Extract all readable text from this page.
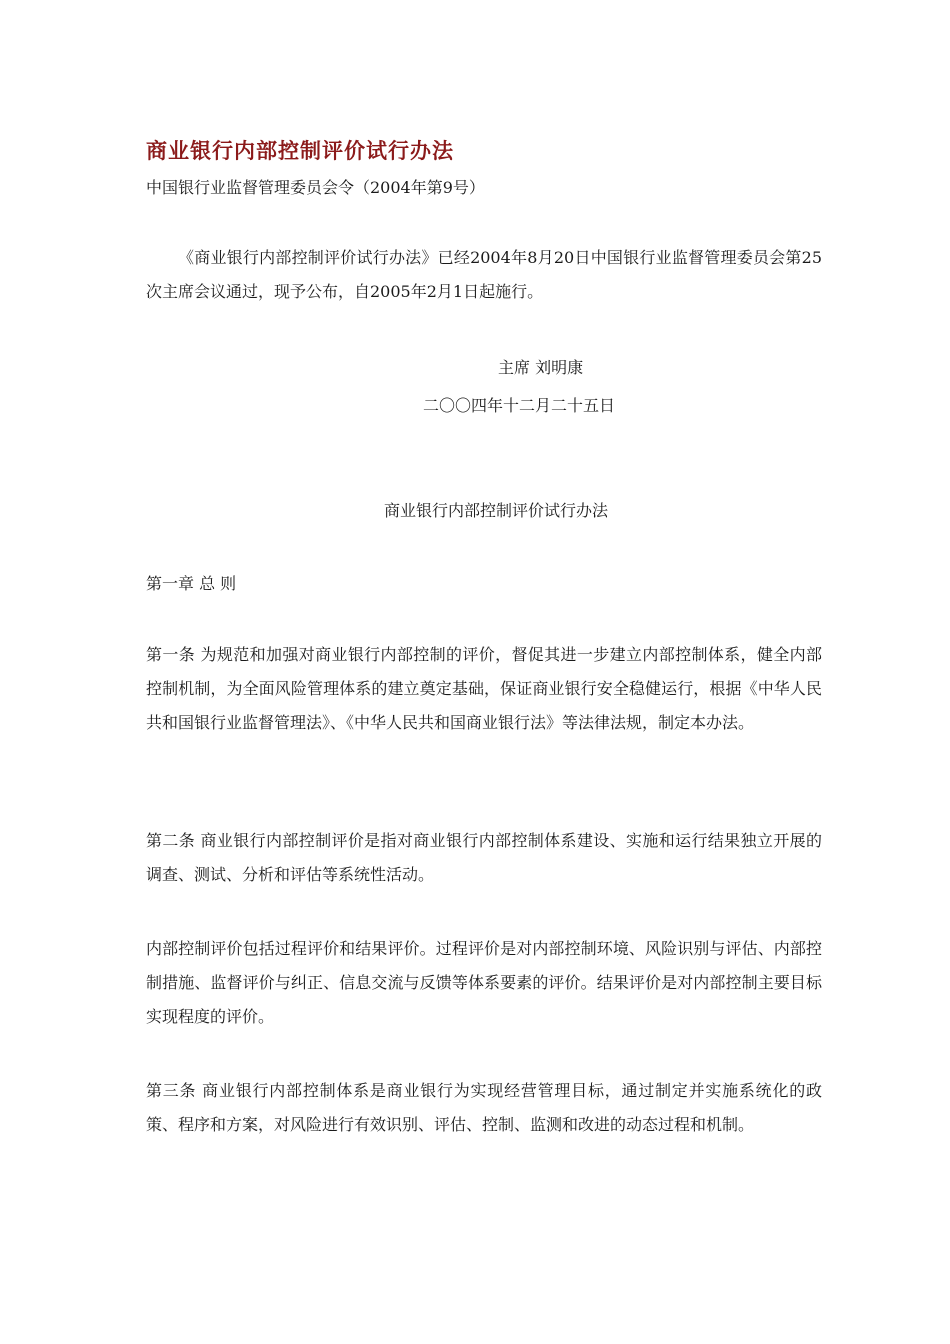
商业银行内部控制评价试行办法
中国银行业监督管理委员会令（2004年第9号）

《商业银行内部控制评价试行办法》已经2004年8月20日中国银行业监督管理委员会第25次主席会议通过，现予公布，自2005年2月1日起施行。

主席 刘明康
二〇〇四年十二月二十五日
商业银行内部控制评价试行办法
第一章 总 则

第一条 为规范和加强对商业银行内部控制的评价，督促其进一步建立内部控制体系，健全内部控制机制，为全面风险管理体系的建立奠定基础，保证商业银行安全稳健运行，根据《中华人民共和国银行业监督管理法》、《中华人民共和国商业银行法》等法律法规，制定本办法。

第二条 商业银行内部控制评价是指对商业银行内部控制体系建设、实施和运行结果独立开展的调查、测试、分析和评估等系统性活动。

内部控制评价包括过程评价和结果评价。过程评价是对内部控制环境、风险识别与评估、内部控制措施、监督评价与纠正、信息交流与反馈等体系要素的评价。结果评价是对内部控制主要目标实现程度的评价。

第三条 商业银行内部控制体系是商业银行为实现经营管理目标，通过制定并实施系统化的政策、程序和方案，对风险进行有效识别、评估、控制、监测和改进的动态过程和机制。
